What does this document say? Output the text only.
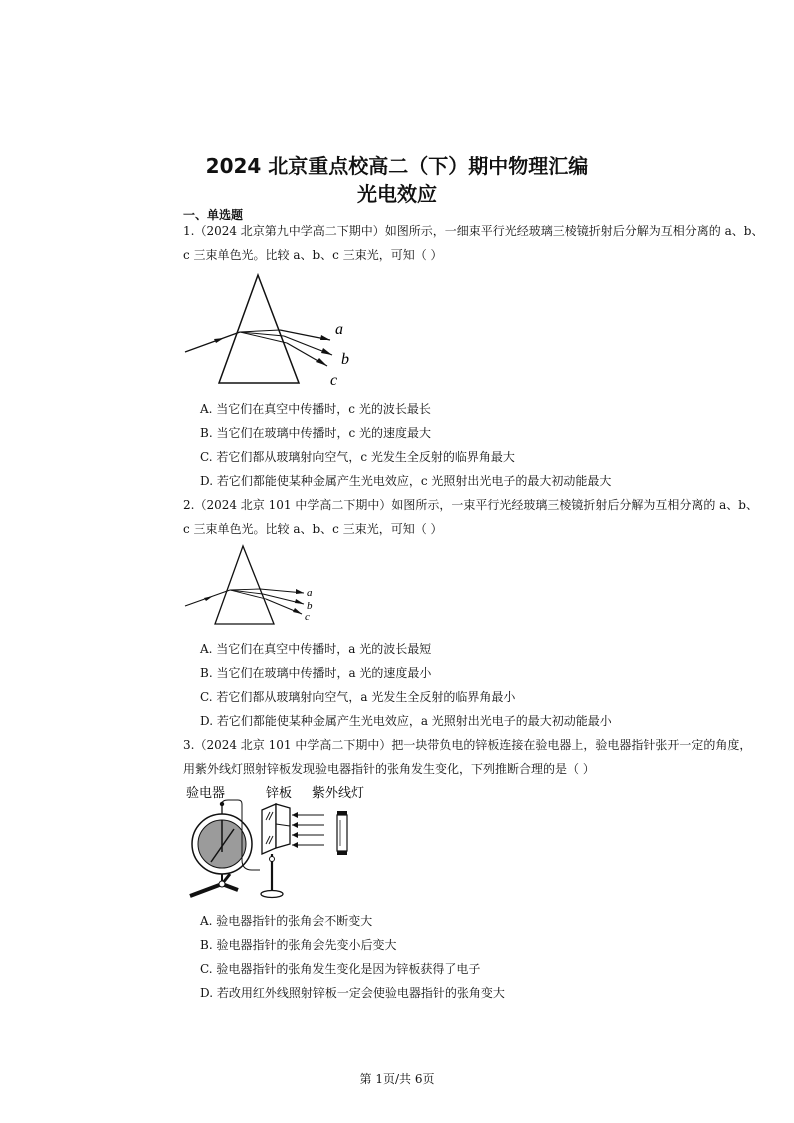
2024 北京重点校高二（下）期中物理汇编
光电效应
一、单选题
1.（2024 北京第九中学高二下期中）如图所示，一细束平行光经玻璃三棱镜折射后分解为互相分离的 a、b、
c 三束单色光。比较 a、b、c 三束光，可知（ ）
a
b
c
A. 当它们在真空中传播时，c 光的波长最长
B. 当它们在玻璃中传播时，c 光的速度最大
C. 若它们都从玻璃射向空气，c 光发生全反射的临界角最大
D. 若它们都能使某种金属产生光电效应，c 光照射出光电子的最大初动能最大
2.（2024 北京 101 中学高二下期中）如图所示，一束平行光经玻璃三棱镜折射后分解为互相分离的 a、b、
c 三束单色光。比较 a、b、c 三束光，可知（ ）
a
b
c
A. 当它们在真空中传播时，a 光的波长最短
B. 当它们在玻璃中传播时，a 光的速度最小
C. 若它们都从玻璃射向空气，a 光发生全反射的临界角最小
D. 若它们都能使某种金属产生光电效应，a 光照射出光电子的最大初动能最小
3.（2024 北京 101 中学高二下期中）把一块带负电的锌板连接在验电器上，验电器指针张开一定的角度，
用紫外线灯照射锌板发现验电器指针的张角发生变化，下列推断合理的是（ ）
验电器	锌板 紫外线灯
A. 验电器指针的张角会不断变大
B. 验电器指针的张角会先变小后变大
C. 验电器指针的张角发生变化是因为锌板获得了电子
D. 若改用红外线照射锌板一定会使验电器指针的张角变大
第 1页/共 6页
